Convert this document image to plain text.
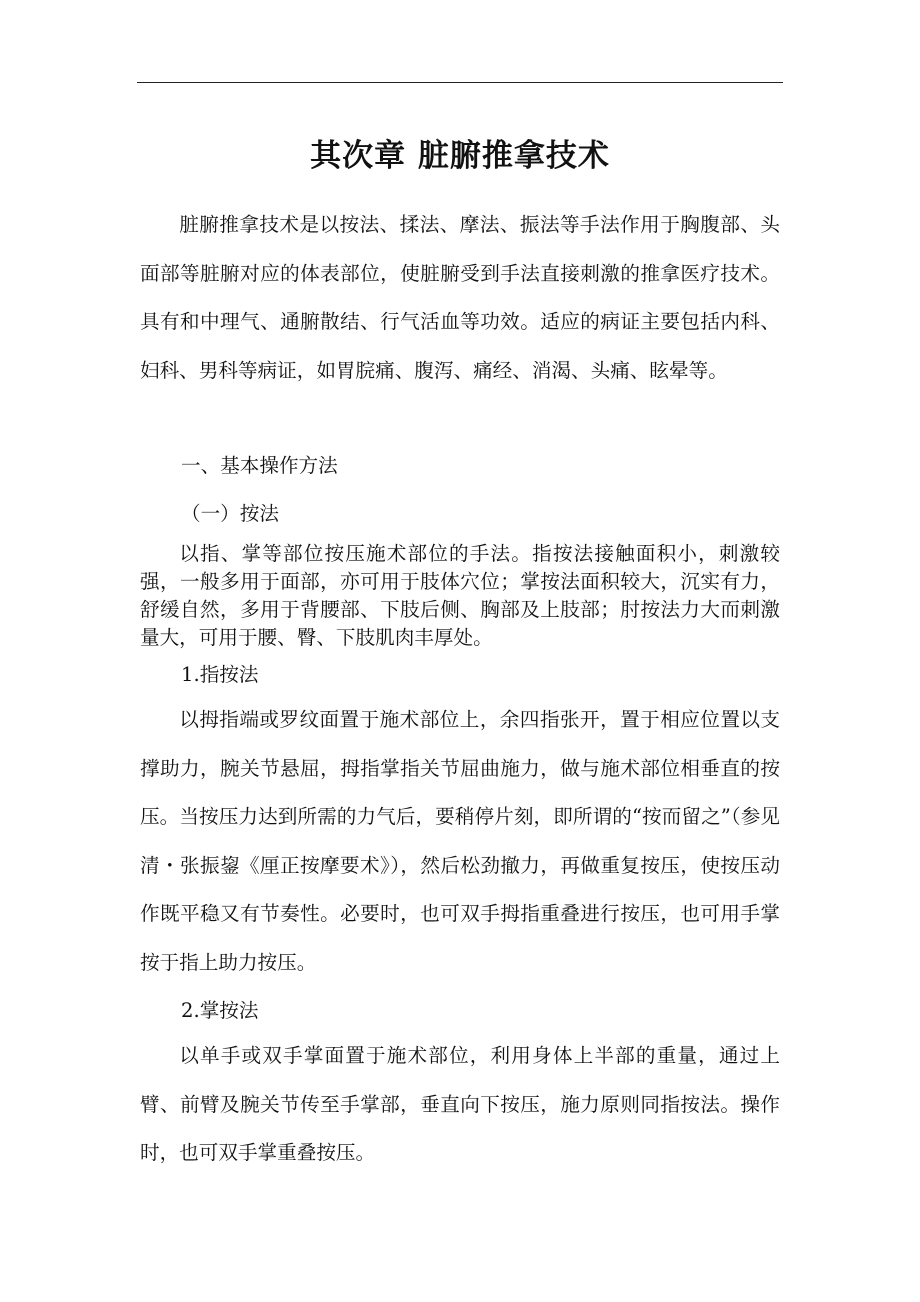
其次章 脏腑推拿技术

脏腑推拿技术是以按法、揉法、摩法、振法等手法作用于胸腹部、头面部等脏腑对应的体表部位，使脏腑受到手法直接刺激的推拿医疗技术。具有和中理气、通腑散结、行气活血等功效。适应的病证主要包括内科、妇科、男科等病证，如胃脘痛、腹泻、痛经、消渴、头痛、眩晕等。

一、基本操作方法
（一）按法

以指、掌等部位按压施术部位的手法。指按法接触面积小，刺激较强，一般多用于面部，亦可用于肢体穴位；掌按法面积较大，沉实有力，舒缓自然，多用于背腰部、下肢后侧、胸部及上肢部；肘按法力大而刺激量大，可用于腰、臀、下肢肌肉丰厚处。

1.指按法

以拇指端或罗纹面置于施术部位上，余四指张开，置于相应位置以支撑助力，腕关节悬屈，拇指掌指关节屈曲施力，做与施术部位相垂直的按压。当按压力达到所需的力气后，要稍停片刻，即所谓的“按而留之”（参见清・张振鋆《厘正按摩要术》），然后松劲撤力，再做重复按压，使按压动作既平稳又有节奏性。必要时，也可双手拇指重叠进行按压，也可用手掌按于指上助力按压。

2.掌按法

以单手或双手掌面置于施术部位，利用身体上半部的重量，通过上臂、前臂及腕关节传至手掌部，垂直向下按压，施力原则同指按法。操作时，也可双手掌重叠按压。
